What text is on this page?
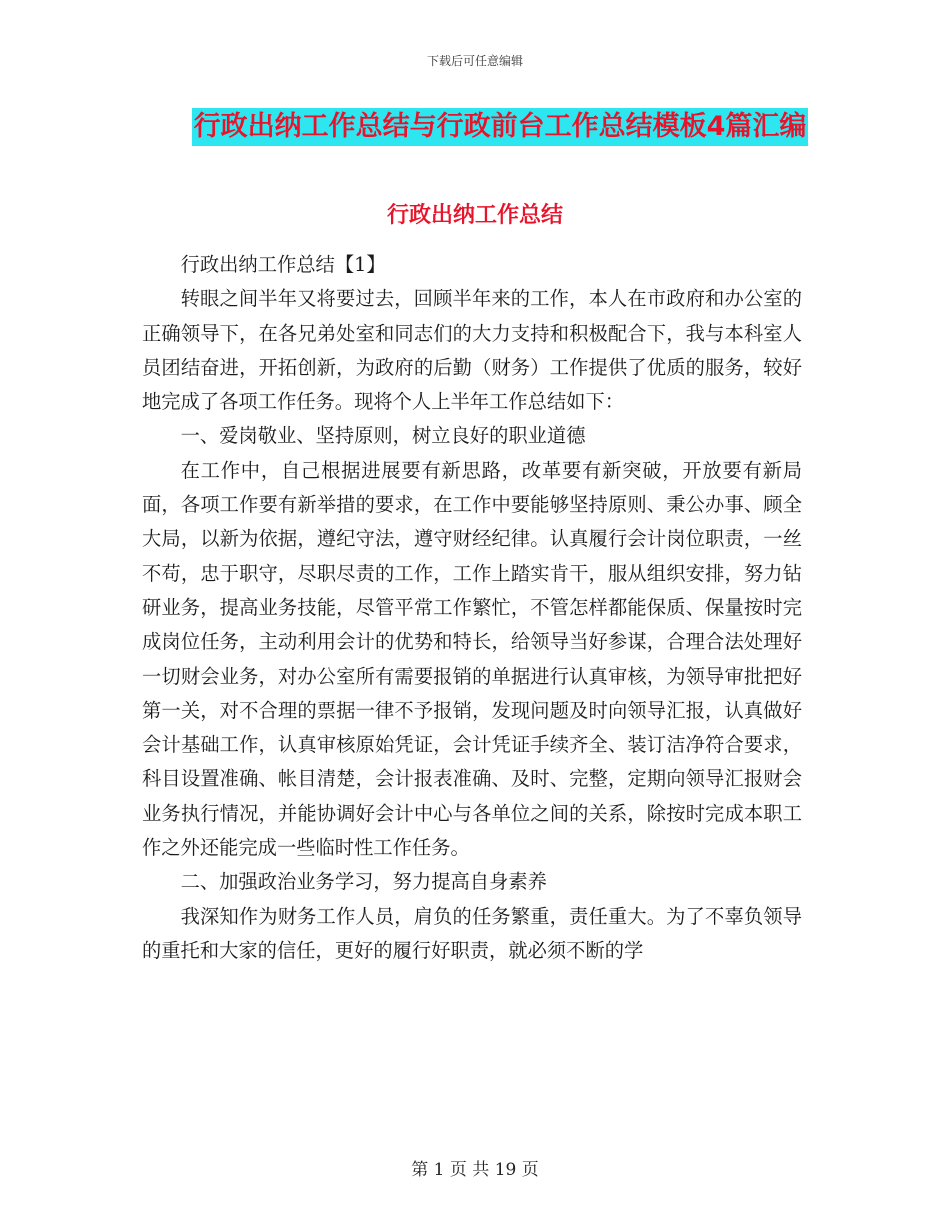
下载后可任意编辑
行政出纳工作总结与行政前台工作总结模板4篇汇编
行政出纳工作总结

行政出纳工作总结【1】

转眼之间半年又将要过去，回顾半年来的工作，本人在市政府和办公室的正确领导下，在各兄弟处室和同志们的大力支持和积极配合下，我与本科室人员团结奋进，开拓创新，为政府的后勤（财务）工作提供了优质的服务，较好地完成了各项工作任务。现将个人上半年工作总结如下：

一、爱岗敬业、坚持原则，树立良好的职业道德

在工作中，自己根据进展要有新思路，改革要有新突破，开放要有新局面，各项工作要有新举措的要求，在工作中要能够坚持原则、秉公办事、顾全大局，以新为依据，遵纪守法，遵守财经纪律。认真履行会计岗位职责，一丝不苟，忠于职守，尽职尽责的工作，工作上踏实肯干，服从组织安排，努力钻研业务，提高业务技能，尽管平常工作繁忙，不管怎样都能保质、保量按时完成岗位任务，主动利用会计的优势和特长，给领导当好参谋，合理合法处理好一切财会业务，对办公室所有需要报销的单据进行认真审核，为领导审批把好第一关，对不合理的票据一律不予报销，发现问题及时向领导汇报，认真做好会计基础工作，认真审核原始凭证，会计凭证手续齐全、装订洁净符合要求，科目设置准确、帐目清楚，会计报表准确、及时、完整，定期向领导汇报财会业务执行情况，并能协调好会计中心与各单位之间的关系，除按时完成本职工作之外还能完成一些临时性工作任务。

二、加强政治业务学习，努力提高自身素养

我深知作为财务工作人员，肩负的任务繁重，责任重大。为了不辜负领导的重托和大家的信任，更好的履行好职责，就必须不断的学

第 1 页 共 19 页
